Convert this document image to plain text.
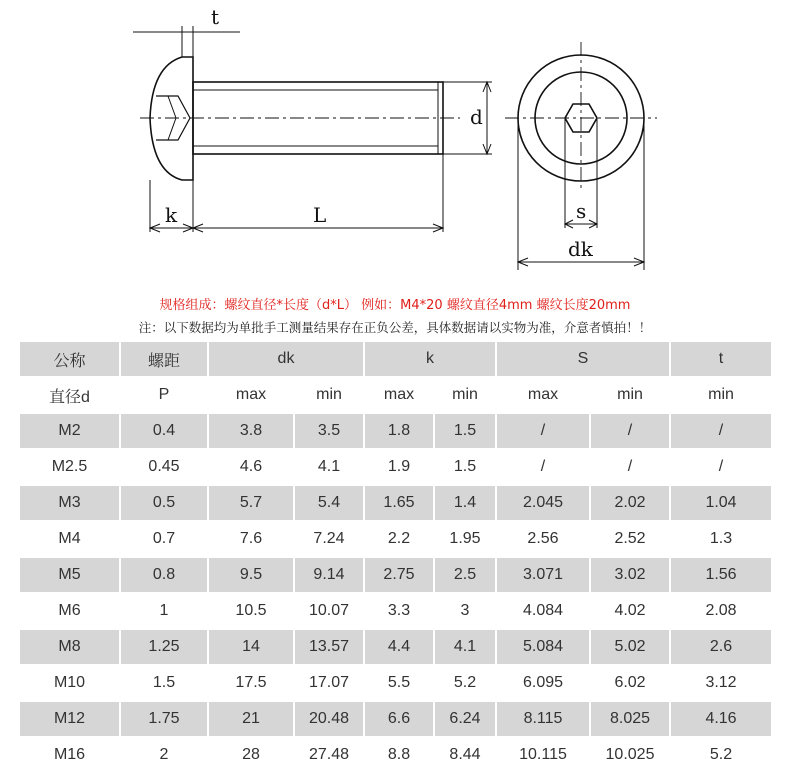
t
d
k	L	s
dk
规格组成：螺纹直径*长度（d*L） 例如：M4*20 螺纹直径4mm 螺纹长度20mm
注：以下数据均为单批手工测量结果存在正负公差，具体数据请以实物为准，介意者慎拍！！
公称	螺距	dk		k		S		t
直径d	P	max	min	max	min	max	min	min
M2	0.4	3.8	3.5	1.8	1.5	/	/	/
M2.5	0.45	4.6	4.1	1.9	1.5	/	/	/
M3	0.5	5.7	5.4	1.65	1.4	2.045	2.02	1.04
M4	0.7	7.6	7.24	2.2	1.95	2.56	2.52	1.3
M5	0.8	9.5	9.14	2.75	2.5	3.071	3.02	1.56
M6	1	10.5	10.07	3.3	3	4.084	4.02	2.08
M8	1.25	14	13.57	4.4	4.1	5.084	5.02	2.6
M10	1.5	17.5	17.07	5.5	5.2	6.095	6.02	3.12
M12	1.75	21	20.48	6.6	6.24	8.115	8.025	4.16
M16	2	28	27.48	8.8	8.44	10.115	10.025	5.2
